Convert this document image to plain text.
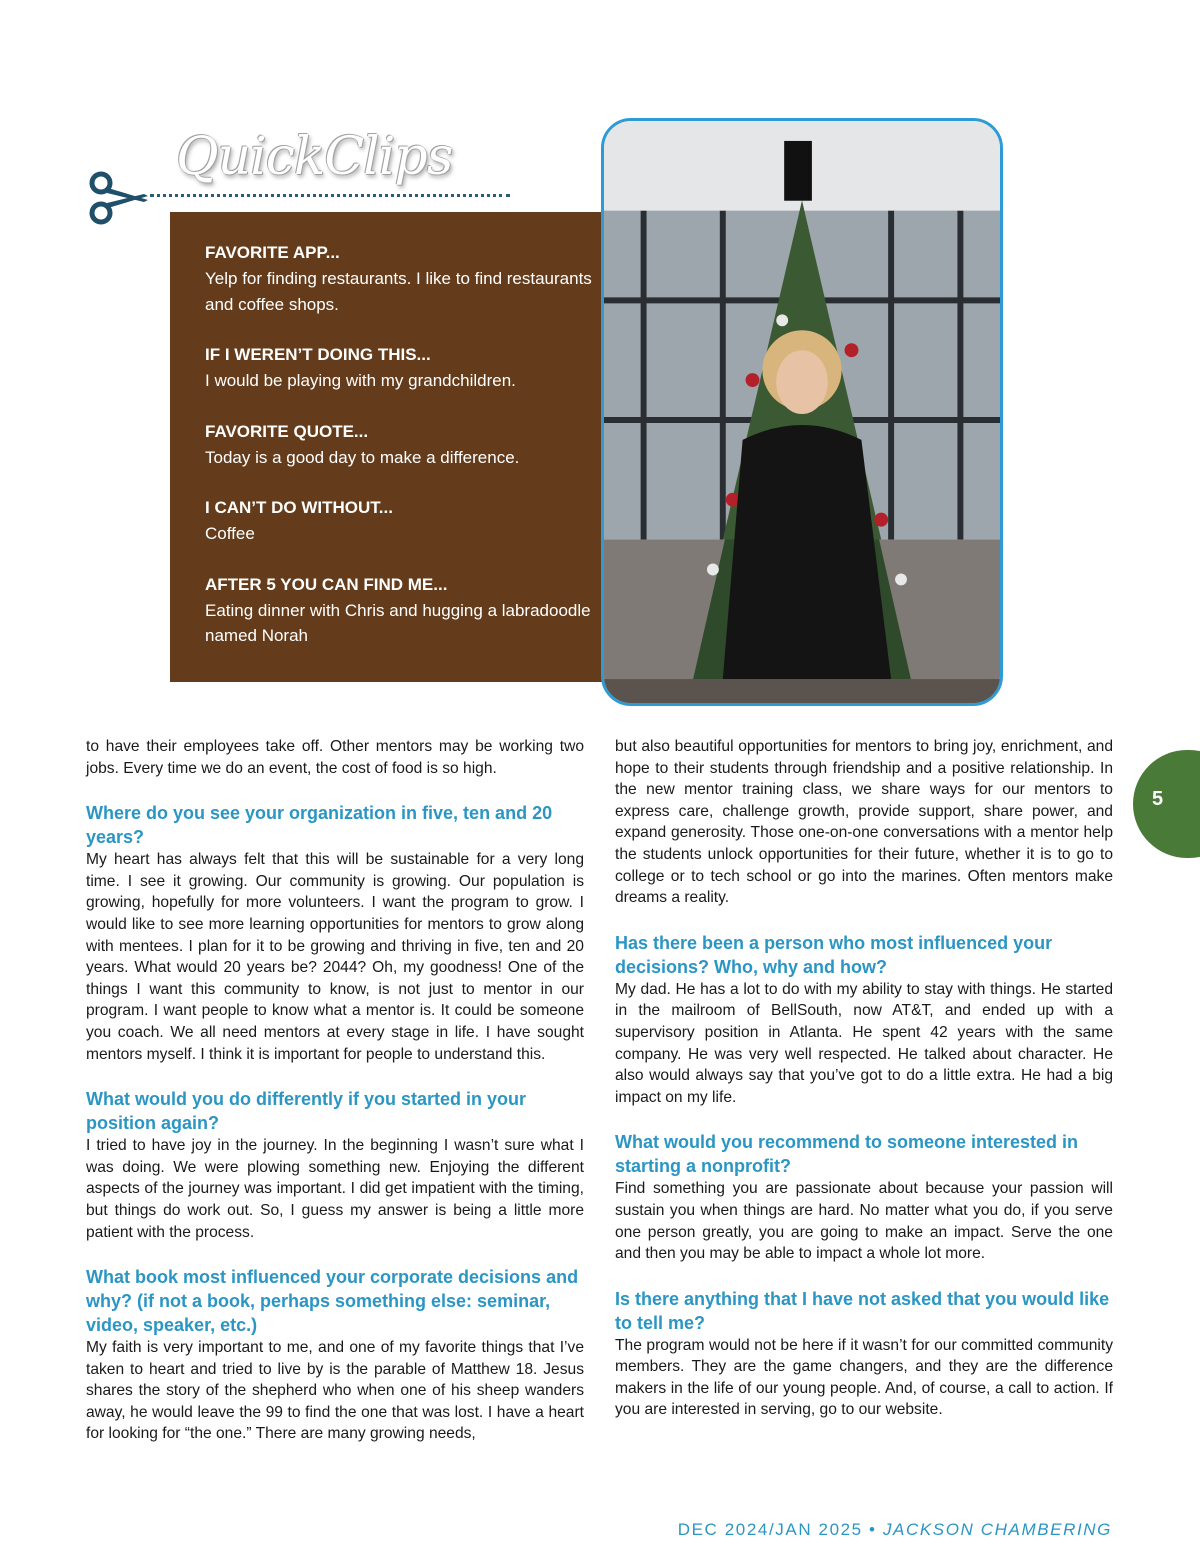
QuickClips
FAVORITE APP...
Yelp for finding restaurants. I like to find restaurants and coffee shops.
IF I WEREN’T DOING THIS...
I would be playing with my grandchildren.
FAVORITE QUOTE...
Today is a good day to make a difference.
I CAN’T DO WITHOUT...
Coffee
AFTER 5 YOU CAN FIND ME...
Eating dinner with Chris and hugging a labradoodle named Norah

to have their employees take off. Other mentors may be working two jobs. Every time we do an event, the cost of food is so high.

Where do you see your organization in five, ten and 20 years?

My heart has always felt that this will be sustainable for a very long time. I see it growing. Our community is growing. Our population is growing, hopefully for more volunteers. I want the program to grow. I would like to see more learning opportunities for mentors to grow along with mentees. I plan for it to be growing and thriving in five, ten and 20 years. What would 20 years be? 2044? Oh, my goodness! One of the things I want this community to know, is not just to mentor in our program. I want people to know what a mentor is. It could be someone you coach. We all need mentors at every stage in life. I have sought mentors myself. I think it is important for people to understand this.

What would you do differently if you started in your position again?

I tried to have joy in the journey. In the beginning I wasn’t sure what I was doing. We were plowing something new. Enjoying the different aspects of the journey was important. I did get impatient with the timing, but things do work out. So, I guess my answer is being a little more patient with the process.

What book most influenced your corporate decisions and why? (if not a book, perhaps something else: seminar, video, speaker, etc.)

My faith is very important to me, and one of my favorite things that I’ve taken to heart and tried to live by is the parable of Matthew 18. Jesus shares the story of the shepherd who when one of his sheep wanders away, he would leave the 99 to find the one that was lost. I have a heart for looking for “the one.” There are many growing needs,

but also beautiful opportunities for mentors to bring joy, enrichment, and hope to their students through friendship and a positive relationship. In the new mentor training class, we share ways for our mentors to express care, challenge growth, provide support, share power, and expand generosity. Those one-on-one conversations with a mentor help the students unlock opportunities for their future, whether it is to go to college or to tech school or go into the marines. Often mentors make dreams a reality.

Has there been a person who most influenced your decisions? Who, why and how?

My dad. He has a lot to do with my ability to stay with things. He started in the mailroom of BellSouth, now AT&T, and ended up with a supervisory position in Atlanta. He spent 42 years with the same company. He was very well respected. He talked about character. He also would always say that you’ve got to do a little extra. He had a big impact on my life.

What would you recommend to someone interested in starting a nonprofit?

Find something you are passionate about because your passion will sustain you when things are hard. No matter what you do, if you serve one person greatly, you are going to make an impact. Serve the one and then you may be able to impact a whole lot more.

Is there anything that I have not asked that you would like to tell me?

The program would not be here if it wasn’t for our committed community members. They are the game changers, and they are the difference makers in the life of our young people. And, of course, a call to action. If you are interested in serving, go to our website.

5
DEC 2024/JAN 2025 • JACKSON CHAMBERING
